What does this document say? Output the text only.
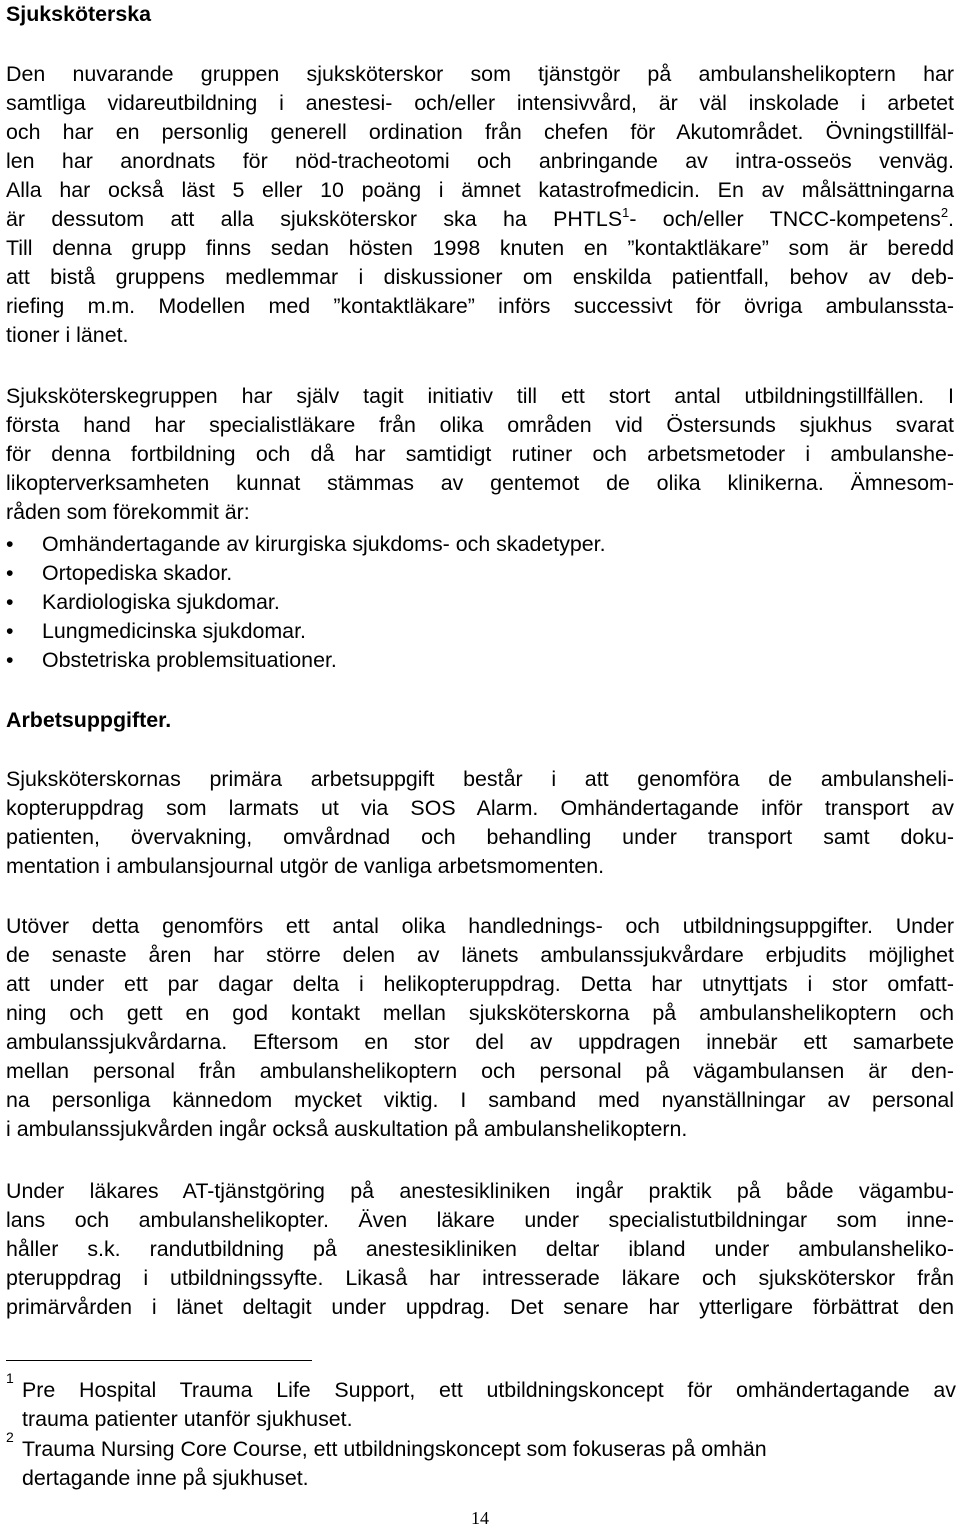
Sjuksköterska
Den nuvarande gruppen sjuksköterskor som tjänstgör på ambulanshelikoptern har
samtliga vidareutbildning i anestesi- och/eller intensivvård, är väl inskolade i arbetet
och har en personlig generell ordination från chefen för Akutområdet. Övningstillfäl-
len har anordnats för nöd-tracheotomi och anbringande av intra-osseös venväg.
Alla har också läst 5 eller 10 poäng i ämnet katastrofmedicin. En av målsättningarna
är dessutom att alla sjuksköterskor ska ha PHTLS$^1$- och/eller TNCC-kompetens$^2$.
Till denna grupp finns sedan hösten 1998 knuten en ”kontaktläkare” som är beredd
att bistå gruppens medlemmar i diskussioner om enskilda patientfall, behov av deb-
riefing m.m. Modellen med ”kontaktläkare” införs successivt för övriga ambulanssta-
tioner i länet.
Sjuksköterskegruppen har själv tagit initiativ till ett stort antal utbildningstillfällen. I
första hand har specialistläkare från olika områden vid Östersunds sjukhus svarat
för denna fortbildning och då har samtidigt rutiner och arbetsmetoder i ambulanshe-
likopterverksamheten kunnat stämmas av gentemot de olika klinikerna. Ämnesom-
råden som förekommit är:
• Omhändertagande av kirurgiska sjukdoms- och skadetyper.
• Ortopediska skador.
• Kardiologiska sjukdomar.
• Lungmedicinska sjukdomar.
• Obstetriska problemsituationer.
Arbetsuppgifter.
Sjuksköterskornas primära arbetsuppgift består i att genomföra de ambulansheli-
kopteruppdrag som larmats ut via SOS Alarm. Omhändertagande inför transport av
patienten, övervakning, omvårdnad och behandling under transport samt doku-
mentation i ambulansjournal utgör de vanliga arbetsmomenten.
Utöver detta genomförs ett antal olika handlednings- och utbildningsuppgifter. Under
de senaste åren har större delen av länets ambulanssjukvårdare erbjudits möjlighet
att under ett par dagar delta i helikopteruppdrag. Detta har utnyttjats i stor omfatt-
ning och gett en god kontakt mellan sjuksköterskorna på ambulanshelikoptern och
ambulanssjukvårdarna. Eftersom en stor del av uppdragen innebär ett samarbete
mellan personal från ambulanshelikoptern och personal på vägambulansen är den-
na personliga kännedom mycket viktig. I samband med nyanställningar av personal
i ambulanssjukvården ingår också auskultation på ambulanshelikoptern.
Under läkares AT-tjänstgöring på anestesikliniken ingår praktik på både vägambu-
lans och ambulanshelikopter. Även läkare under specialistutbildningar som inne-
håller s.k. randutbildning på anestesikliniken deltar ibland under ambulansheliko-
pteruppdrag i utbildningssyfte. Likaså har intresserade läkare och sjuksköterskor från
primärvården i länet deltagit under uppdrag. Det senare har ytterligare förbättrat den
1 Pre Hospital Trauma Life Support, ett utbildningskoncept för omhändertagande av
trauma patienter utanför sjukhuset.
2 Trauma Nursing Core Course, ett utbildningskoncept som fokuseras på omhän
dertagande inne på sjukhuset.
14
